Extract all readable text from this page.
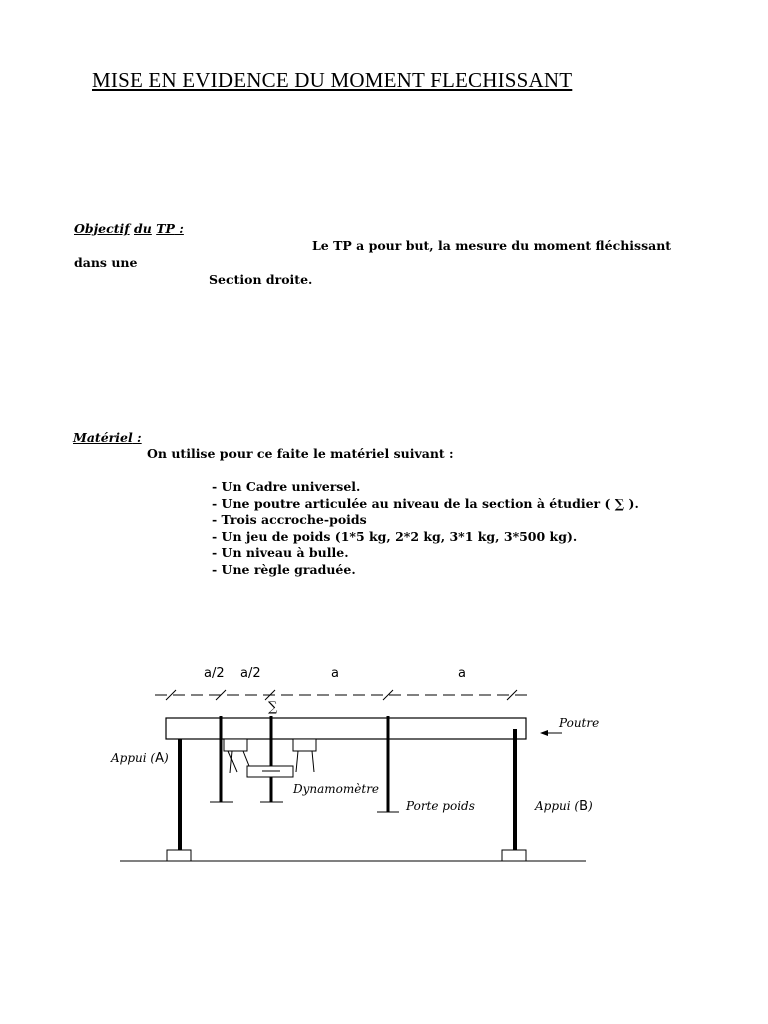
MISE EN EVIDENCE DU MOMENT FLECHISSANT
Objectif du TP :
Le TP a pour but, la mesure du moment fléchissant
dans une
Section droite.
Matériel :
On utilise pour ce faite le matériel suivant :
- Un Cadre universel.
- Une poutre articulée au niveau de la section à étudier ( ∑ ).
- Trois accroche-poids
- Un jeu de poids (1*5 kg, 2*2 kg, 3*1 kg, 3*500 kg).
- Un niveau à bulle.
- Une règle graduée.
a/2 a/2	a	a
∑
Poutre
Dynamomètre
Porte poids
Appui (A)
Appui (B)
